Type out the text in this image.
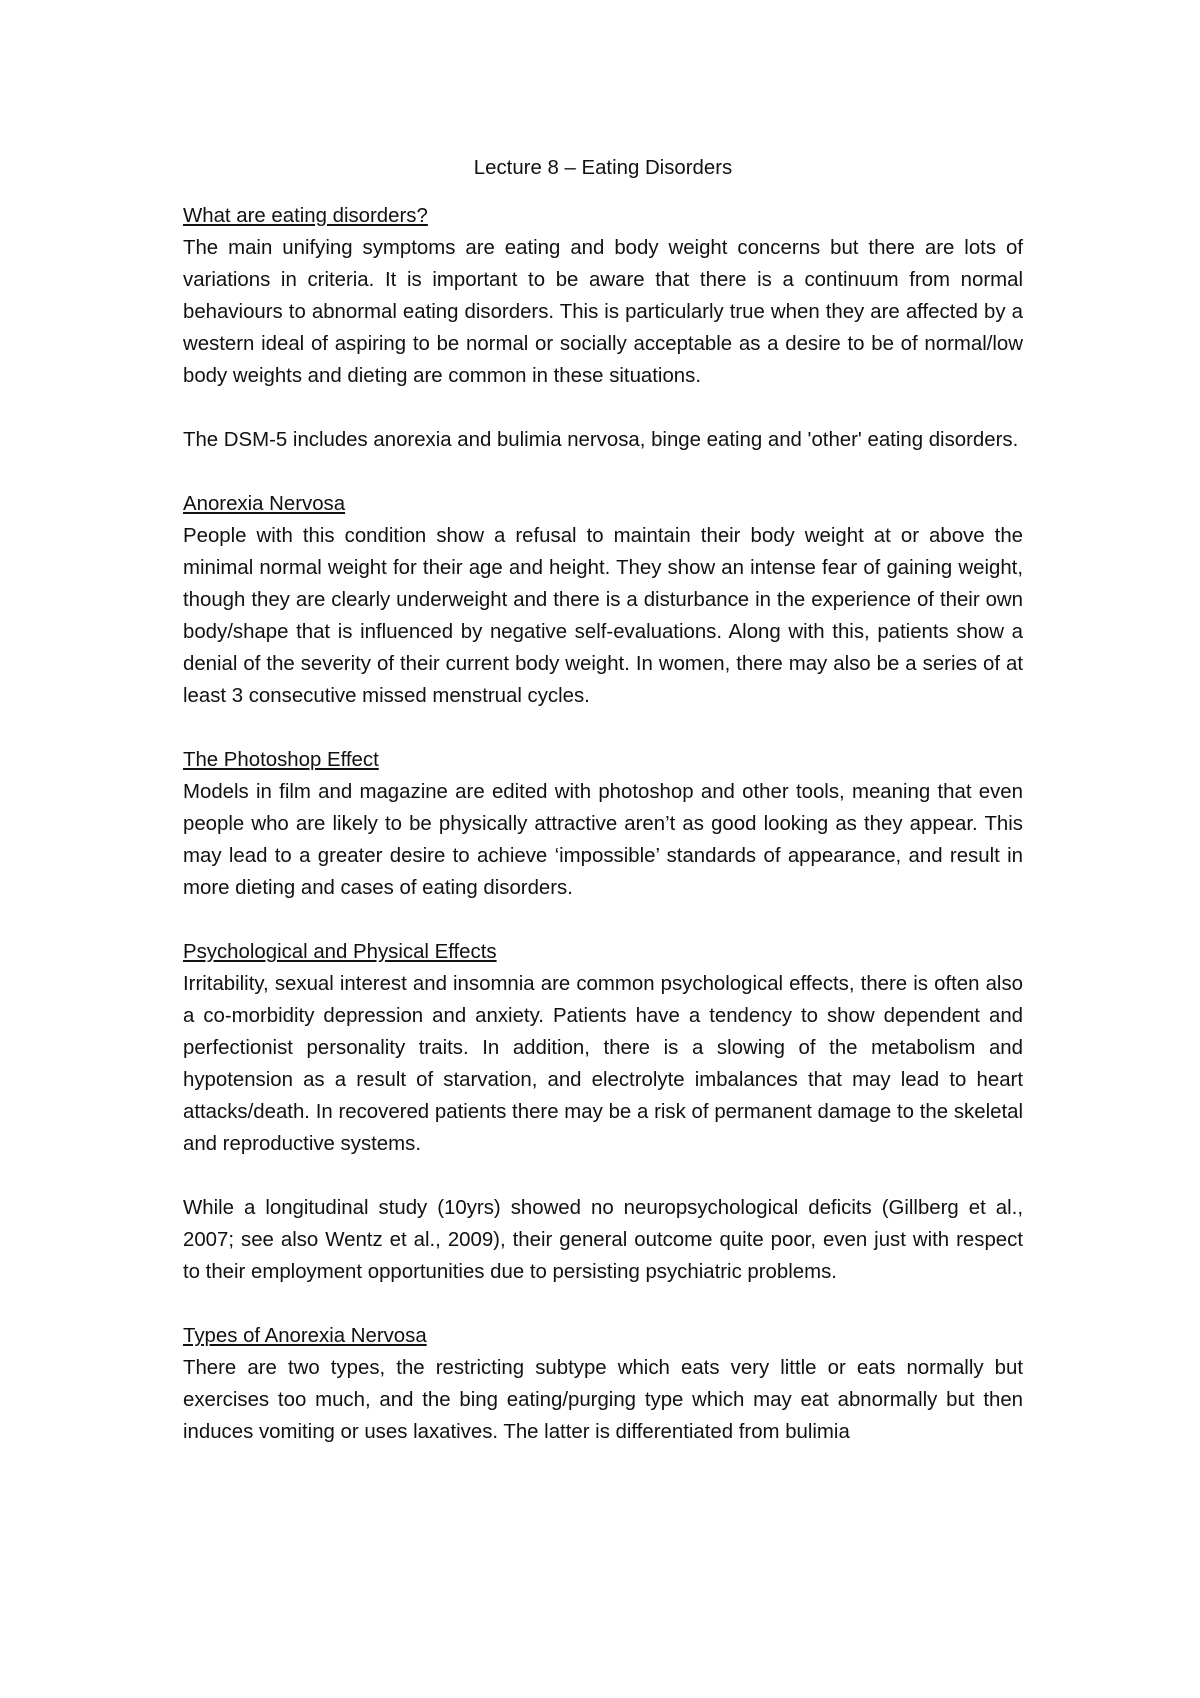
Lecture 8 – Eating Disorders
What are eating disorders?

The main unifying symptoms are eating and body weight concerns but there are lots of variations in criteria. It is important to be aware that there is a continuum from normal behaviours to abnormal eating disorders. This is particularly true when they are affected by a western ideal of aspiring to be normal or socially acceptable as a desire to be of normal/low body weights and dieting are common in these situations.

The DSM-5 includes anorexia and bulimia nervosa, binge eating and 'other' eating disorders.

Anorexia Nervosa

People with this condition show a refusal to maintain their body weight at or above the minimal normal weight for their age and height. They show an intense fear of gaining weight, though they are clearly underweight and there is a disturbance in the experience of their own body/shape that is influenced by negative self-evaluations. Along with this, patients show a denial of the severity of their current body weight. In women, there may also be a series of at least 3 consecutive missed menstrual cycles.

The Photoshop Effect

Models in film and magazine are edited with photoshop and other tools, meaning that even people who are likely to be physically attractive aren’t as good looking as they appear. This may lead to a greater desire to achieve ‘impossible’ standards of appearance, and result in more dieting and cases of eating disorders.

Psychological and Physical Effects

Irritability, sexual interest and insomnia are common psychological effects, there is often also a co-morbidity depression and anxiety. Patients have a tendency to show dependent and perfectionist personality traits. In addition, there is a slowing of the metabolism and hypotension as a result of starvation, and electrolyte imbalances that may lead to heart attacks/death. In recovered patients there may be a risk of permanent damage to the skeletal and reproductive systems.

While a longitudinal study (10yrs) showed no neuropsychological deficits (Gillberg et al., 2007; see also Wentz et al., 2009), their general outcome quite poor, even just with respect to their employment opportunities due to persisting psychiatric problems.

Types of Anorexia Nervosa

There are two types, the restricting subtype which eats very little or eats normally but exercises too much, and the bing eating/purging type which may eat abnormally but then induces vomiting or uses laxatives. The latter is differentiated from bulimia
